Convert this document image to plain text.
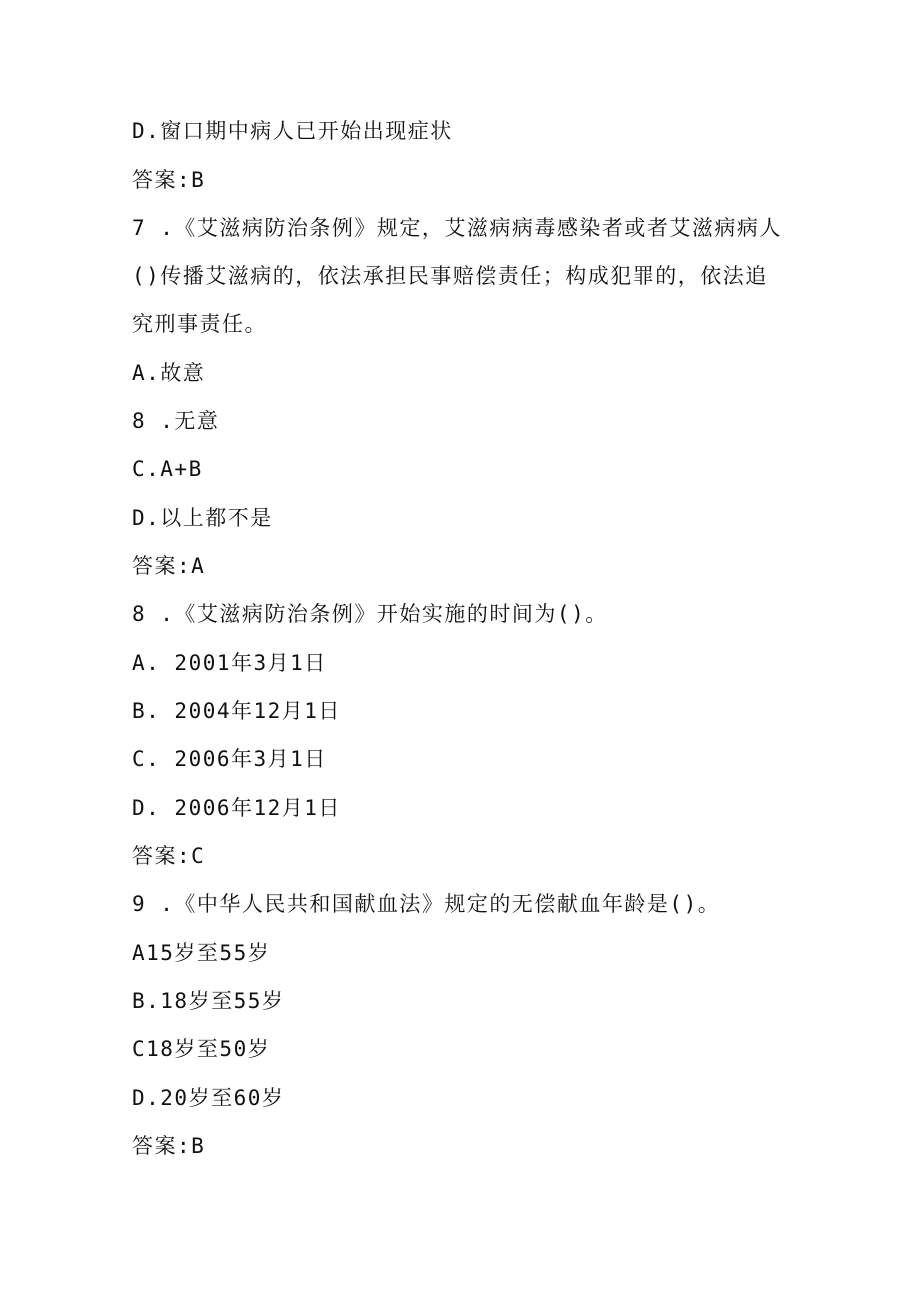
D.窗口期中病人已开始出现症状
答案:B
7 .《艾滋病防治条例》规定，艾滋病病毒感染者或者艾滋病病人
()传播艾滋病的，依法承担民事赔偿责任；构成犯罪的，依法追
究刑事责任。
A.故意
8 .无意
C.A+B
D.以上都不是
答案:A
8 .《艾滋病防治条例》开始实施的时间为()。
A. 2001年3月1日
B. 2004年12月1日
C. 2006年3月1日
D. 2006年12月1日
答案:C
9 .《中华人民共和国献血法》规定的无偿献血年龄是()。
A15岁至55岁
B.18岁至55岁
C18岁至50岁
D.20岁至60岁
答案:B
